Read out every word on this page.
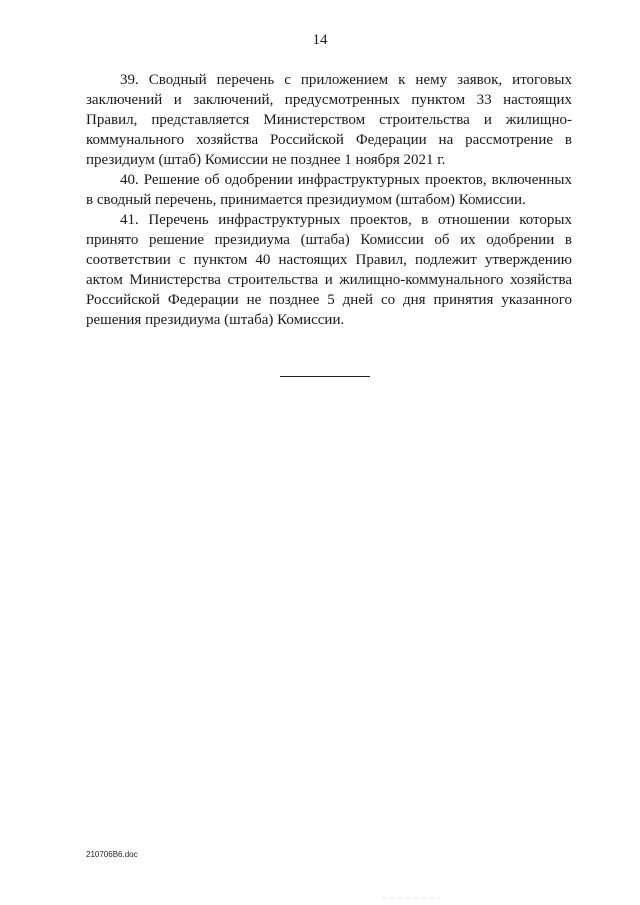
14

39. Сводный перечень с приложением к нему заявок, итоговых заключений и заключений, предусмотренных пунктом 33 настоящих Правил, представляется Министерством строительства и жилищно-коммунального хозяйства Российской Федерации на рассмотрение в президиум (штаб) Комиссии не позднее 1 ноября 2021 г.

40. Решение об одобрении инфраструктурных проектов, включенных в сводный перечень, принимается президиумом (штабом) Комиссии.

41. Перечень инфраструктурных проектов, в отношении которых принято решение президиума (штаба) Комиссии об их одобрении в соответствии с пунктом 40 настоящих Правил, подлежит утверждению актом Министерства строительства и жилищно-коммунального хозяйства Российской Федерации не позднее 5 дней со дня принятия указанного решения президиума (штаба) Комиссии.

210706B6.doc
